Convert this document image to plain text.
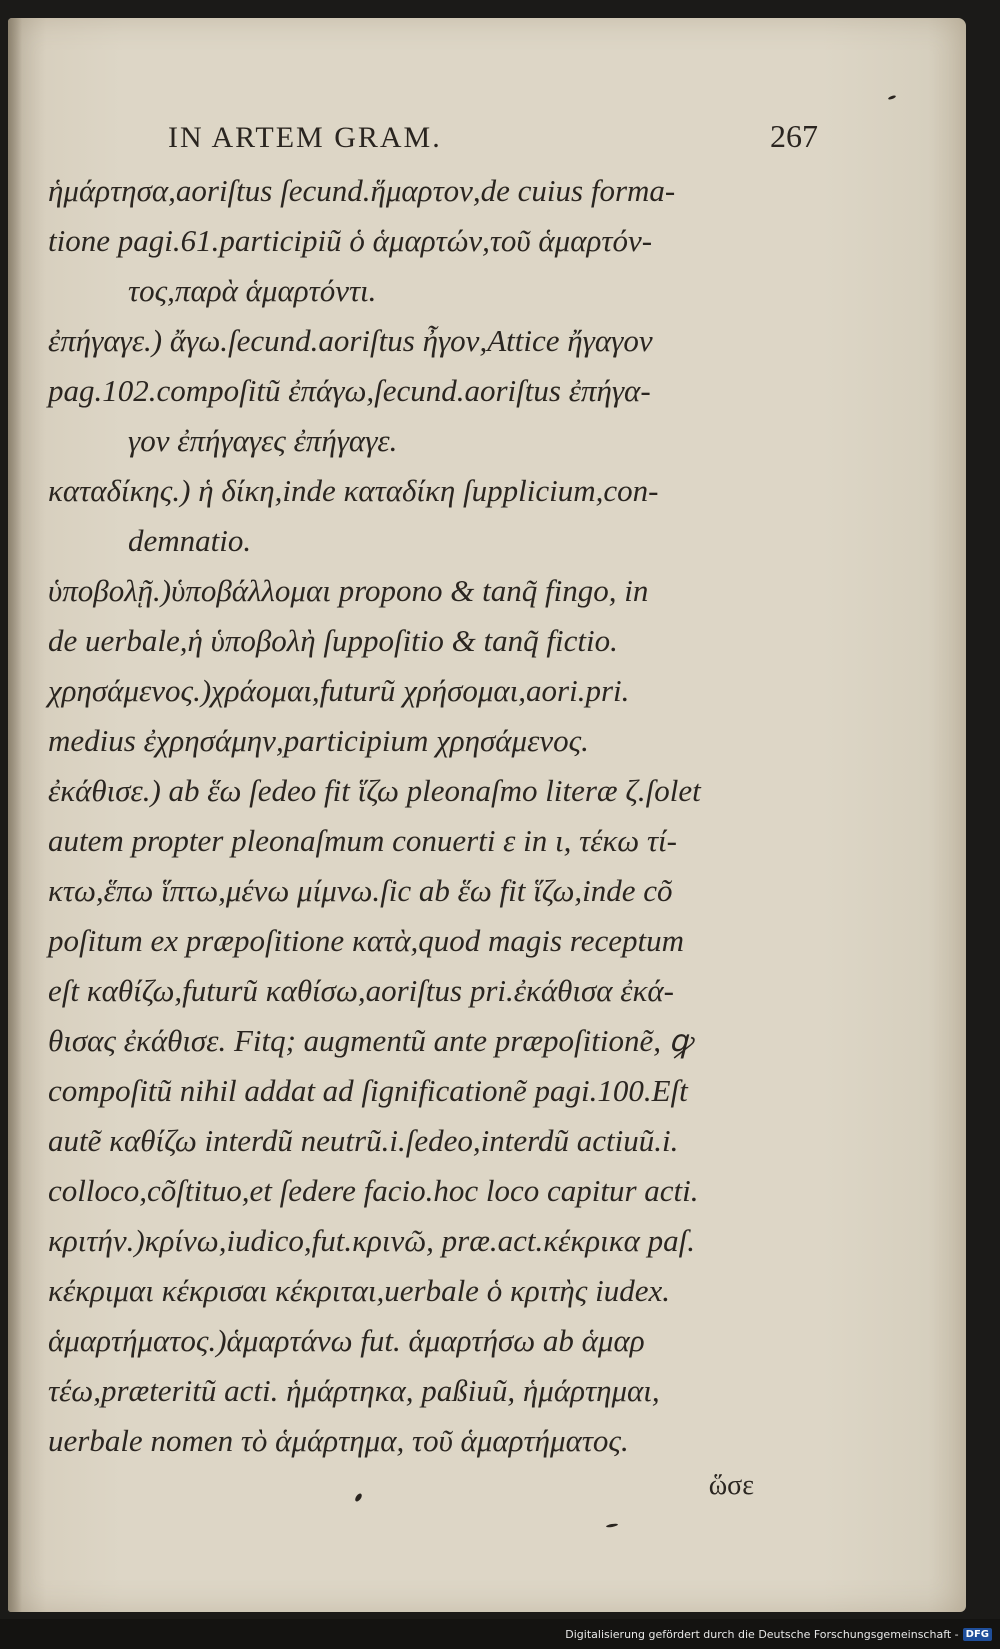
IN ARTEM GRAM.	267
ἡμάρτησα,aoriſtus ſecund.ἥμαρτον,de cuius forma-
tione pagi.61.participiũ ὁ ἁμαρτών,τοῦ ἁμαρτόν-
τος,παρὰ ἁμαρτόντι.
ἐπήγαγε.) ἄγω.ſecund.aoriſtus ἦγον,Attice ἤγαγον
pag.102.compoſitũ ἐπάγω,ſecund.aoriſtus ἐπήγα-
γον ἐπήγαγες ἐπήγαγε.
καταδίκης.) ἡ δίκη,inde καταδίκη ſupplicium,con-
demnatio.
ὑποβολῇ.)ὑποβάλλομαι propono & tanq̃ fingo, in
de uerbale,ἡ ὑποβολὴ ſuppoſitio & tanq̃ fictio.
χρησάμενος.)χράομαι,futurũ χρήσομαι,aori.pri.
medius ἐχρησάμην,participium χρησάμενος.
ἐκάθισε.) ab ἕω ſedeo fit ἵζω pleonaſmo literæ ζ.ſolet
autem propter pleonaſmum conuerti ε in ι, τέκω τί-
κτω,ἕπω ἵπτω,μένω μίμνω.ſic ab ἕω fit ἵζω,inde cõ
poſitum ex præpoſitione κατὰ,quod magis receptum
eſt καθίζω,futurũ καθίσω,aoriſtus pri.ἐκάθισα ἐκά-
θισας ἐκάθισε. Fitq; augmentũ ante præpoſitionẽ, ꝙ
compoſitũ nihil addat ad ſignificationẽ pagi.100.Eſt
autẽ καθίζω interdũ neutrũ.i.ſedeo,interdũ actiuũ.i.
colloco,cõſtituo,et ſedere facio.hoc loco capitur acti.
κριτήν.)κρίνω,iudico,fut.κρινῶ, præ.act.κέκρικα paſ.
κέκριμαι κέκρισαι κέκριται,uerbale ὁ κριτὴς iudex.
ἁμαρτήματος.)ἁμαρτάνω fut. ἁμαρτήσω ab ἁμαρ
τέω,præteritũ acti. ἡμάρτηκα, paßiuũ, ἡμάρτημαι,
uerbale nomen τὸ ἁμάρτημα, τοῦ ἁμαρτήματος.
ὥσε
Digitalisierung gefördert durch die Deutsche Forschungsgemeinschaft - DFG
